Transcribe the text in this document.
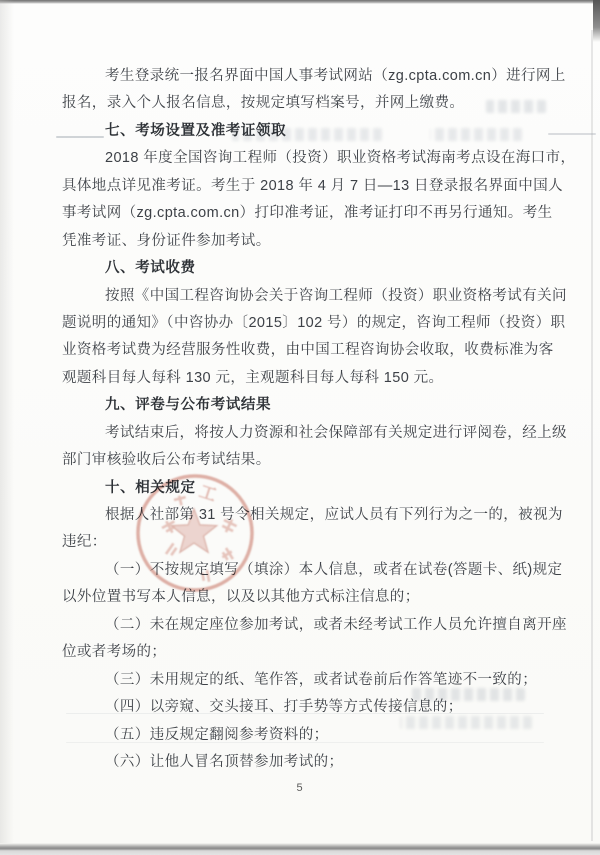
工
考生登录统一报名界面中国人事考试网站（zg.cpta.com.cn）进行网上
报名，录入个人报名信息，按规定填写档案号，并网上缴费。
七、考场设置及准考证领取
2018 年度全国咨询工程师（投资）职业资格考试海南考点设在海口市，
具体地点详见准考证。考生于 2018 年 4 月 7 日—13 日登录报名界面中国人
事考试网（zg.cpta.com.cn）打印准考证，准考证打印不再另行通知。考生
凭准考证、身份证件参加考试。
八、考试收费
按照《中国工程咨询协会关于咨询工程师（投资）职业资格考试有关问
题说明的通知》（中咨协办〔2015〕102 号）的规定，咨询工程师（投资）职
业资格考试费为经营服务性收费，由中国工程咨询协会收取，收费标准为客
观题科目每人每科 130 元，主观题科目每人每科 150 元。
九、评卷与公布考试结果
考试结束后，将按人力资源和社会保障部有关规定进行评阅卷，经上级
部门审核验收后公布考试结果。
十、相关规定
根据人社部第 31 号令相关规定，应试人员有下列行为之一的，被视为
违纪：
（一）不按规定填写（填涂）本人信息，或者在试卷(答题卡、纸)规定
以外位置书写本人信息，以及以其他方式标注信息的；
（二）未在规定座位参加考试，或者未经考试工作人员允许擅自离开座
位或者考场的；
（三）未用规定的纸、笔作答，或者试卷前后作答笔迹不一致的；
（四）以旁窥、交头接耳、打手势等方式传接信息的；
（五）违反规定翻阅参考资料的；
（六）让他人冒名顶替参加考试的；
5
